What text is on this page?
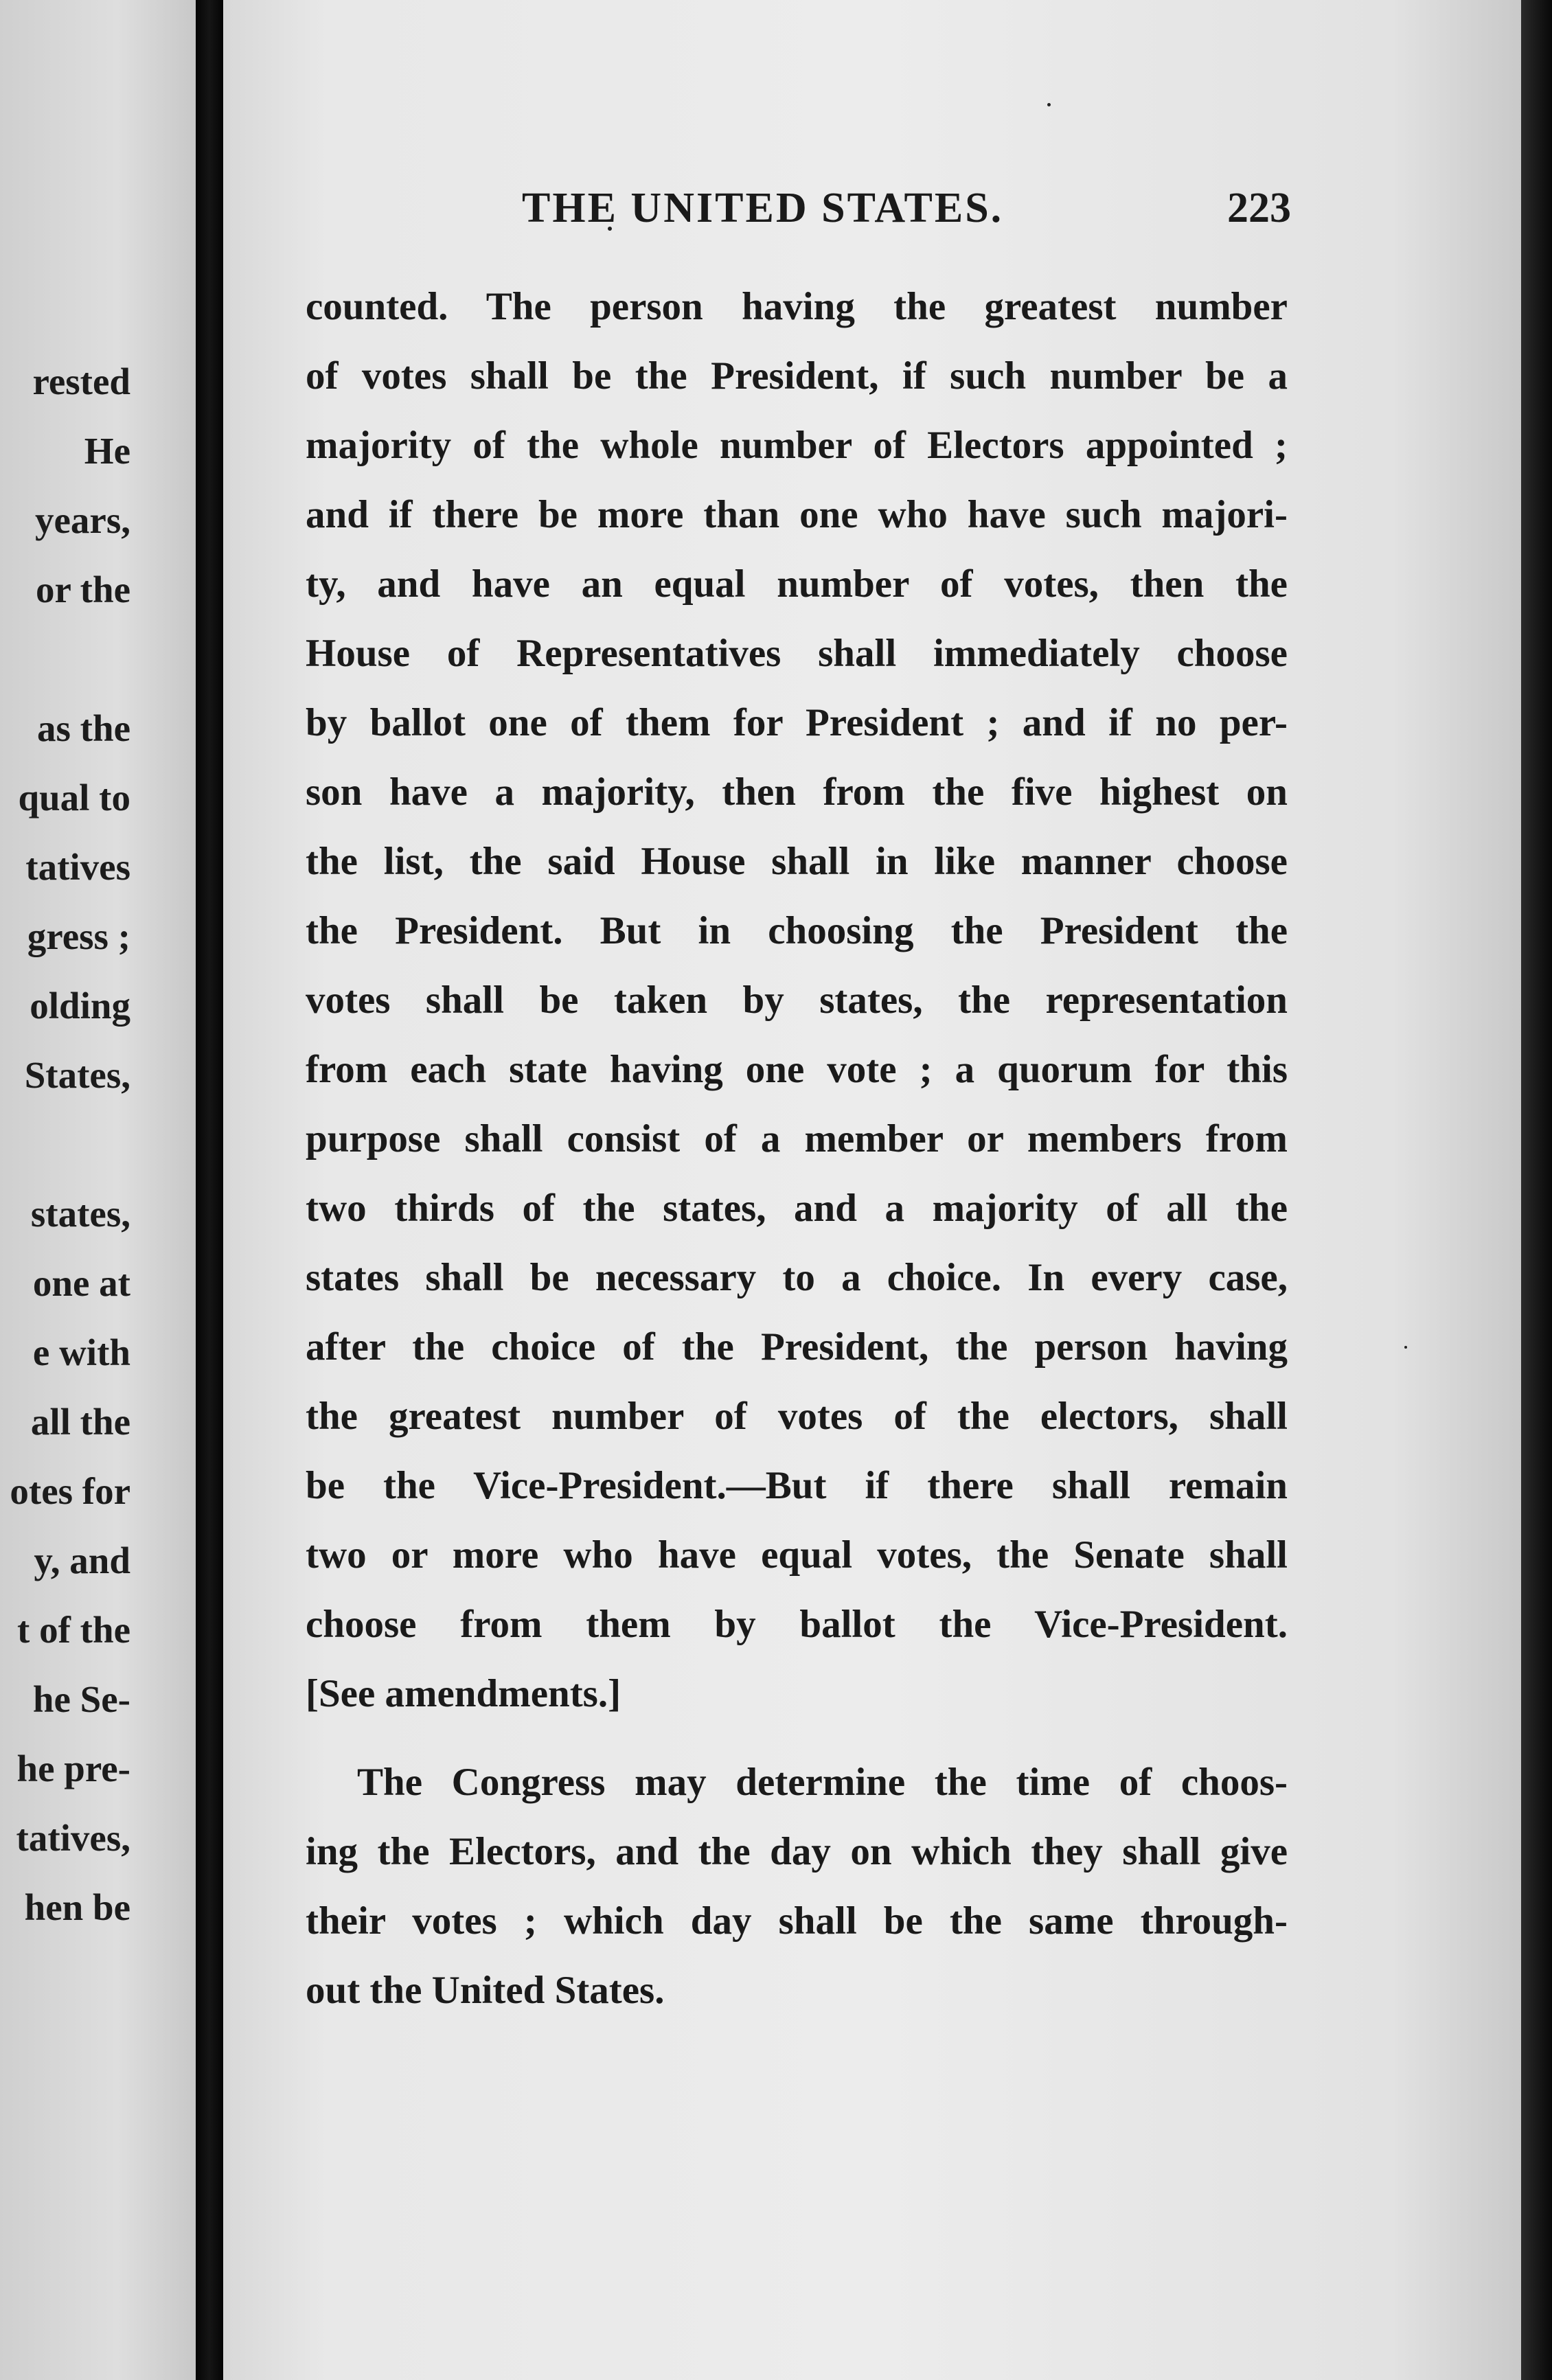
rested
He
years,
or the
as the
qual to
tatives
gress ;
olding
States,
states,
one at
e with
all the
otes for
y, and
t of the
he Se-
he pre-
tatives,
hen be
THE UNITED STATES.	223
counted. The person having the greatest number
of votes shall be the President, if such number be a
majority of the whole number of Electors appointed ;
and if there be more than one who have such majori-
ty, and have an equal number of votes, then the
House of Representatives shall immediately choose
by ballot one of them for President ; and if no per-
son have a majority, then from the five highest on
the list, the said House shall in like manner choose
the President. But in choosing the President the
votes shall be taken by states, the representation
from each state having one vote ; a quorum for this
purpose shall consist of a member or members from
two thirds of the states, and a majority of all the
states shall be necessary to a choice. In every case,
after the choice of the President, the person having
the greatest number of votes of the electors, shall
be the Vice-President.—But if there shall remain
two or more who have equal votes, the Senate shall
choose from them by ballot the Vice-President.
[See amendments.]
The Congress may determine the time of choos-
ing the Electors, and the day on which they shall give
their votes ; which day shall be the same through-
out the United States.
